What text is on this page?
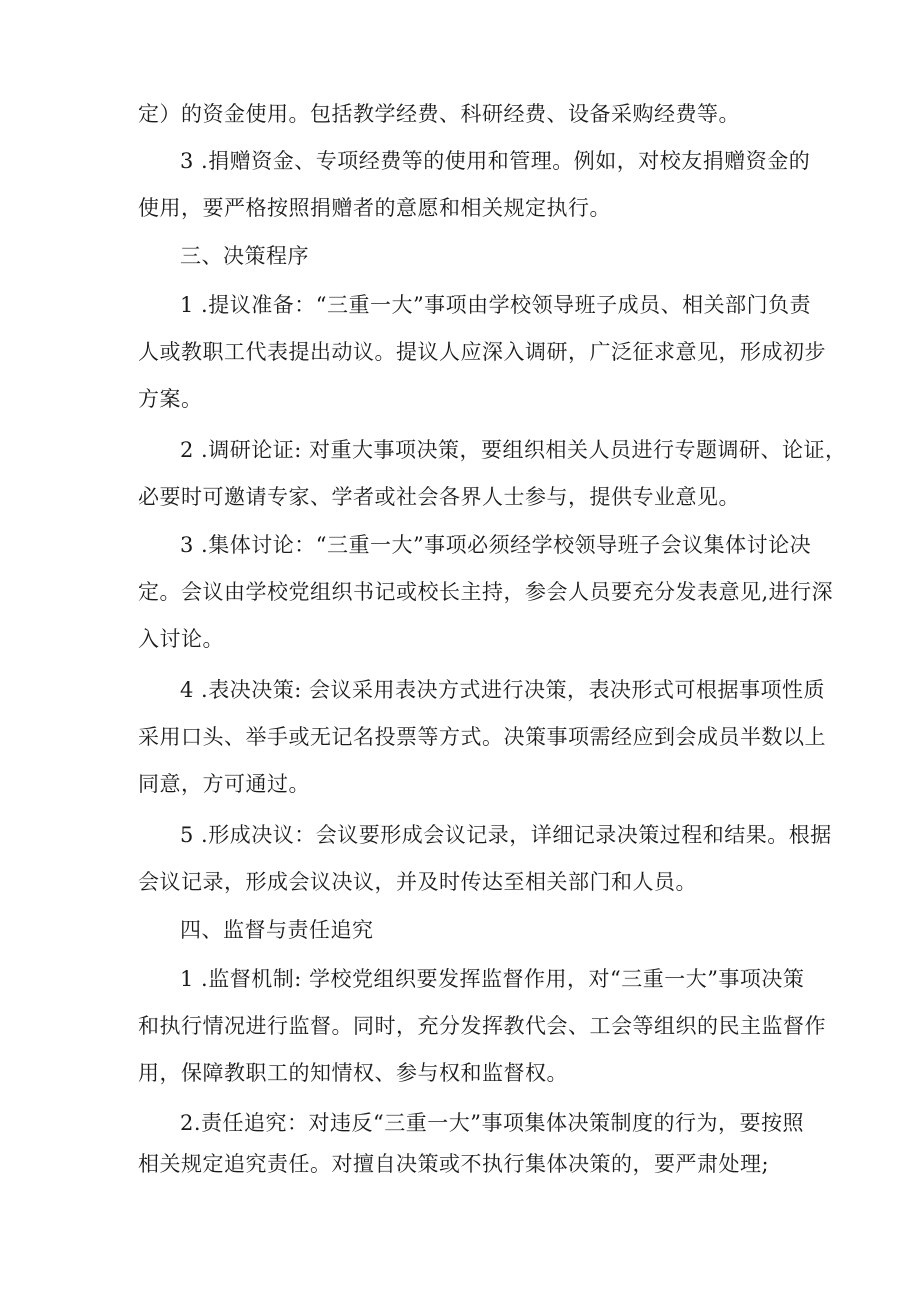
定）的资金使用。包括教学经费、科研经费、设备采购经费等。
3 .捐赠资金、专项经费等的使用和管理。例如，对校友捐赠资金的
使用，要严格按照捐赠者的意愿和相关规定执行。
三、决策程序
1 .提议准备：“三重一大”事项由学校领导班子成员、相关部门负责
人或教职工代表提出动议。提议人应深入调研，广泛征求意见，形成初步
方案。
2 .调研论证: 对重大事项决策，要组织相关人员进行专题调研、论证，
必要时可邀请专家、学者或社会各界人士参与，提供专业意见。
3 .集体讨论：“三重一大”事项必须经学校领导班子会议集体讨论决
定。会议由学校党组织书记或校长主持，参会人员要充分发表意见,进行深
入讨论。
4 .表决决策: 会议采用表决方式进行决策，表决形式可根据事项性质
采用口头、举手或无记名投票等方式。决策事项需经应到会成员半数以上
同意，方可通过。
5 .形成决议：会议要形成会议记录，详细记录决策过程和结果。根据
会议记录，形成会议决议，并及时传达至相关部门和人员。
四、监督与责任追究
1 .监督机制: 学校党组织要发挥监督作用，对“三重一大”事项决策
和执行情况进行监督。同时，充分发挥教代会、工会等组织的民主监督作
用，保障教职工的知情权、参与权和监督权。
2.责任追究：对违反“三重一大”事项集体决策制度的行为，要按照
相关规定追究责任。对擅自决策或不执行集体决策的，要严肃处理;
